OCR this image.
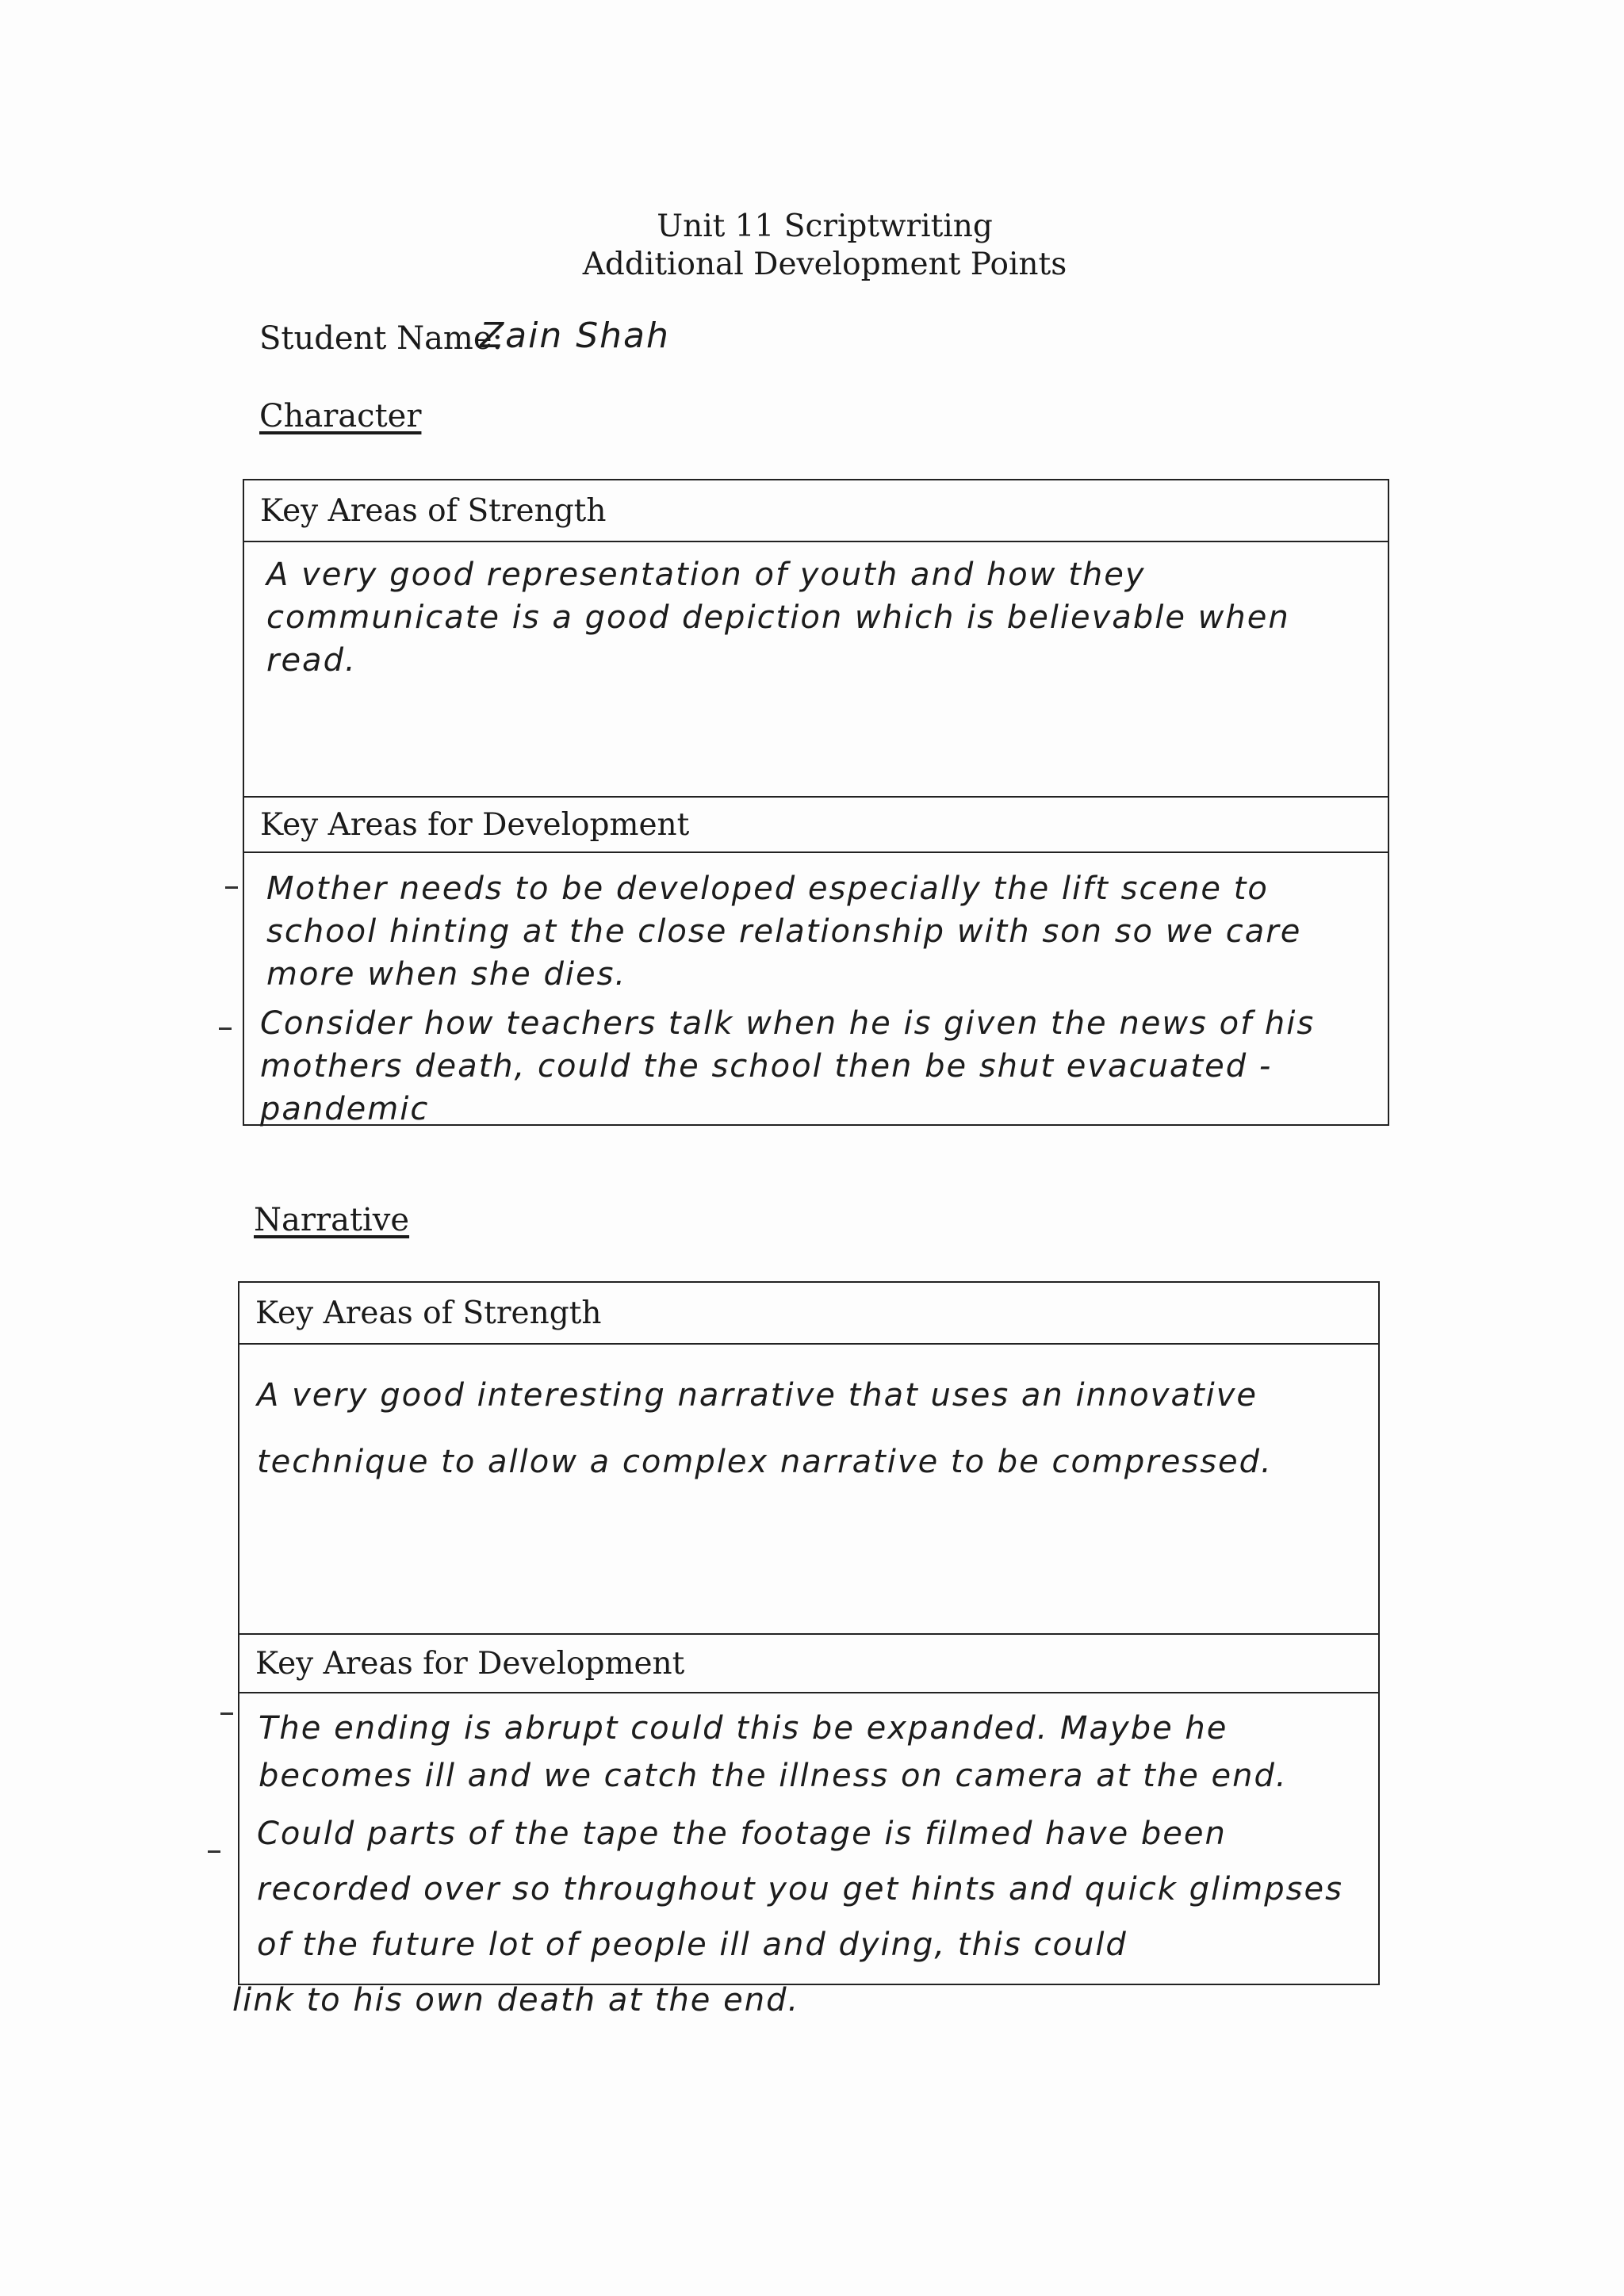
Unit 11 Scriptwriting
Additional Development Points
Student Name:
Zain Shah
Character
Key Areas of Strength
A very good representation of youth and how they communicate is a good depiction which is believable when read.
Key Areas for Development
Mother needs to be developed especially the lift scene to school hinting at the close relationship with son so we care more when she dies.
Consider how teachers talk when he is given the news of his mothers death, could the school then be shut evacuated - pandemic
Narrative
Key Areas of Strength
A very good interesting narrative that uses an innovative technique to allow a complex narrative to be compressed.
Key Areas for Development
The ending is abrupt could this be expanded. Maybe he becomes ill and we catch the illness on camera at the end.
Could parts of the tape the footage is filmed have been recorded over so throughout you get hints and quick glimpses of the future lot of people ill and dying, this could
link to his own death at the end.
